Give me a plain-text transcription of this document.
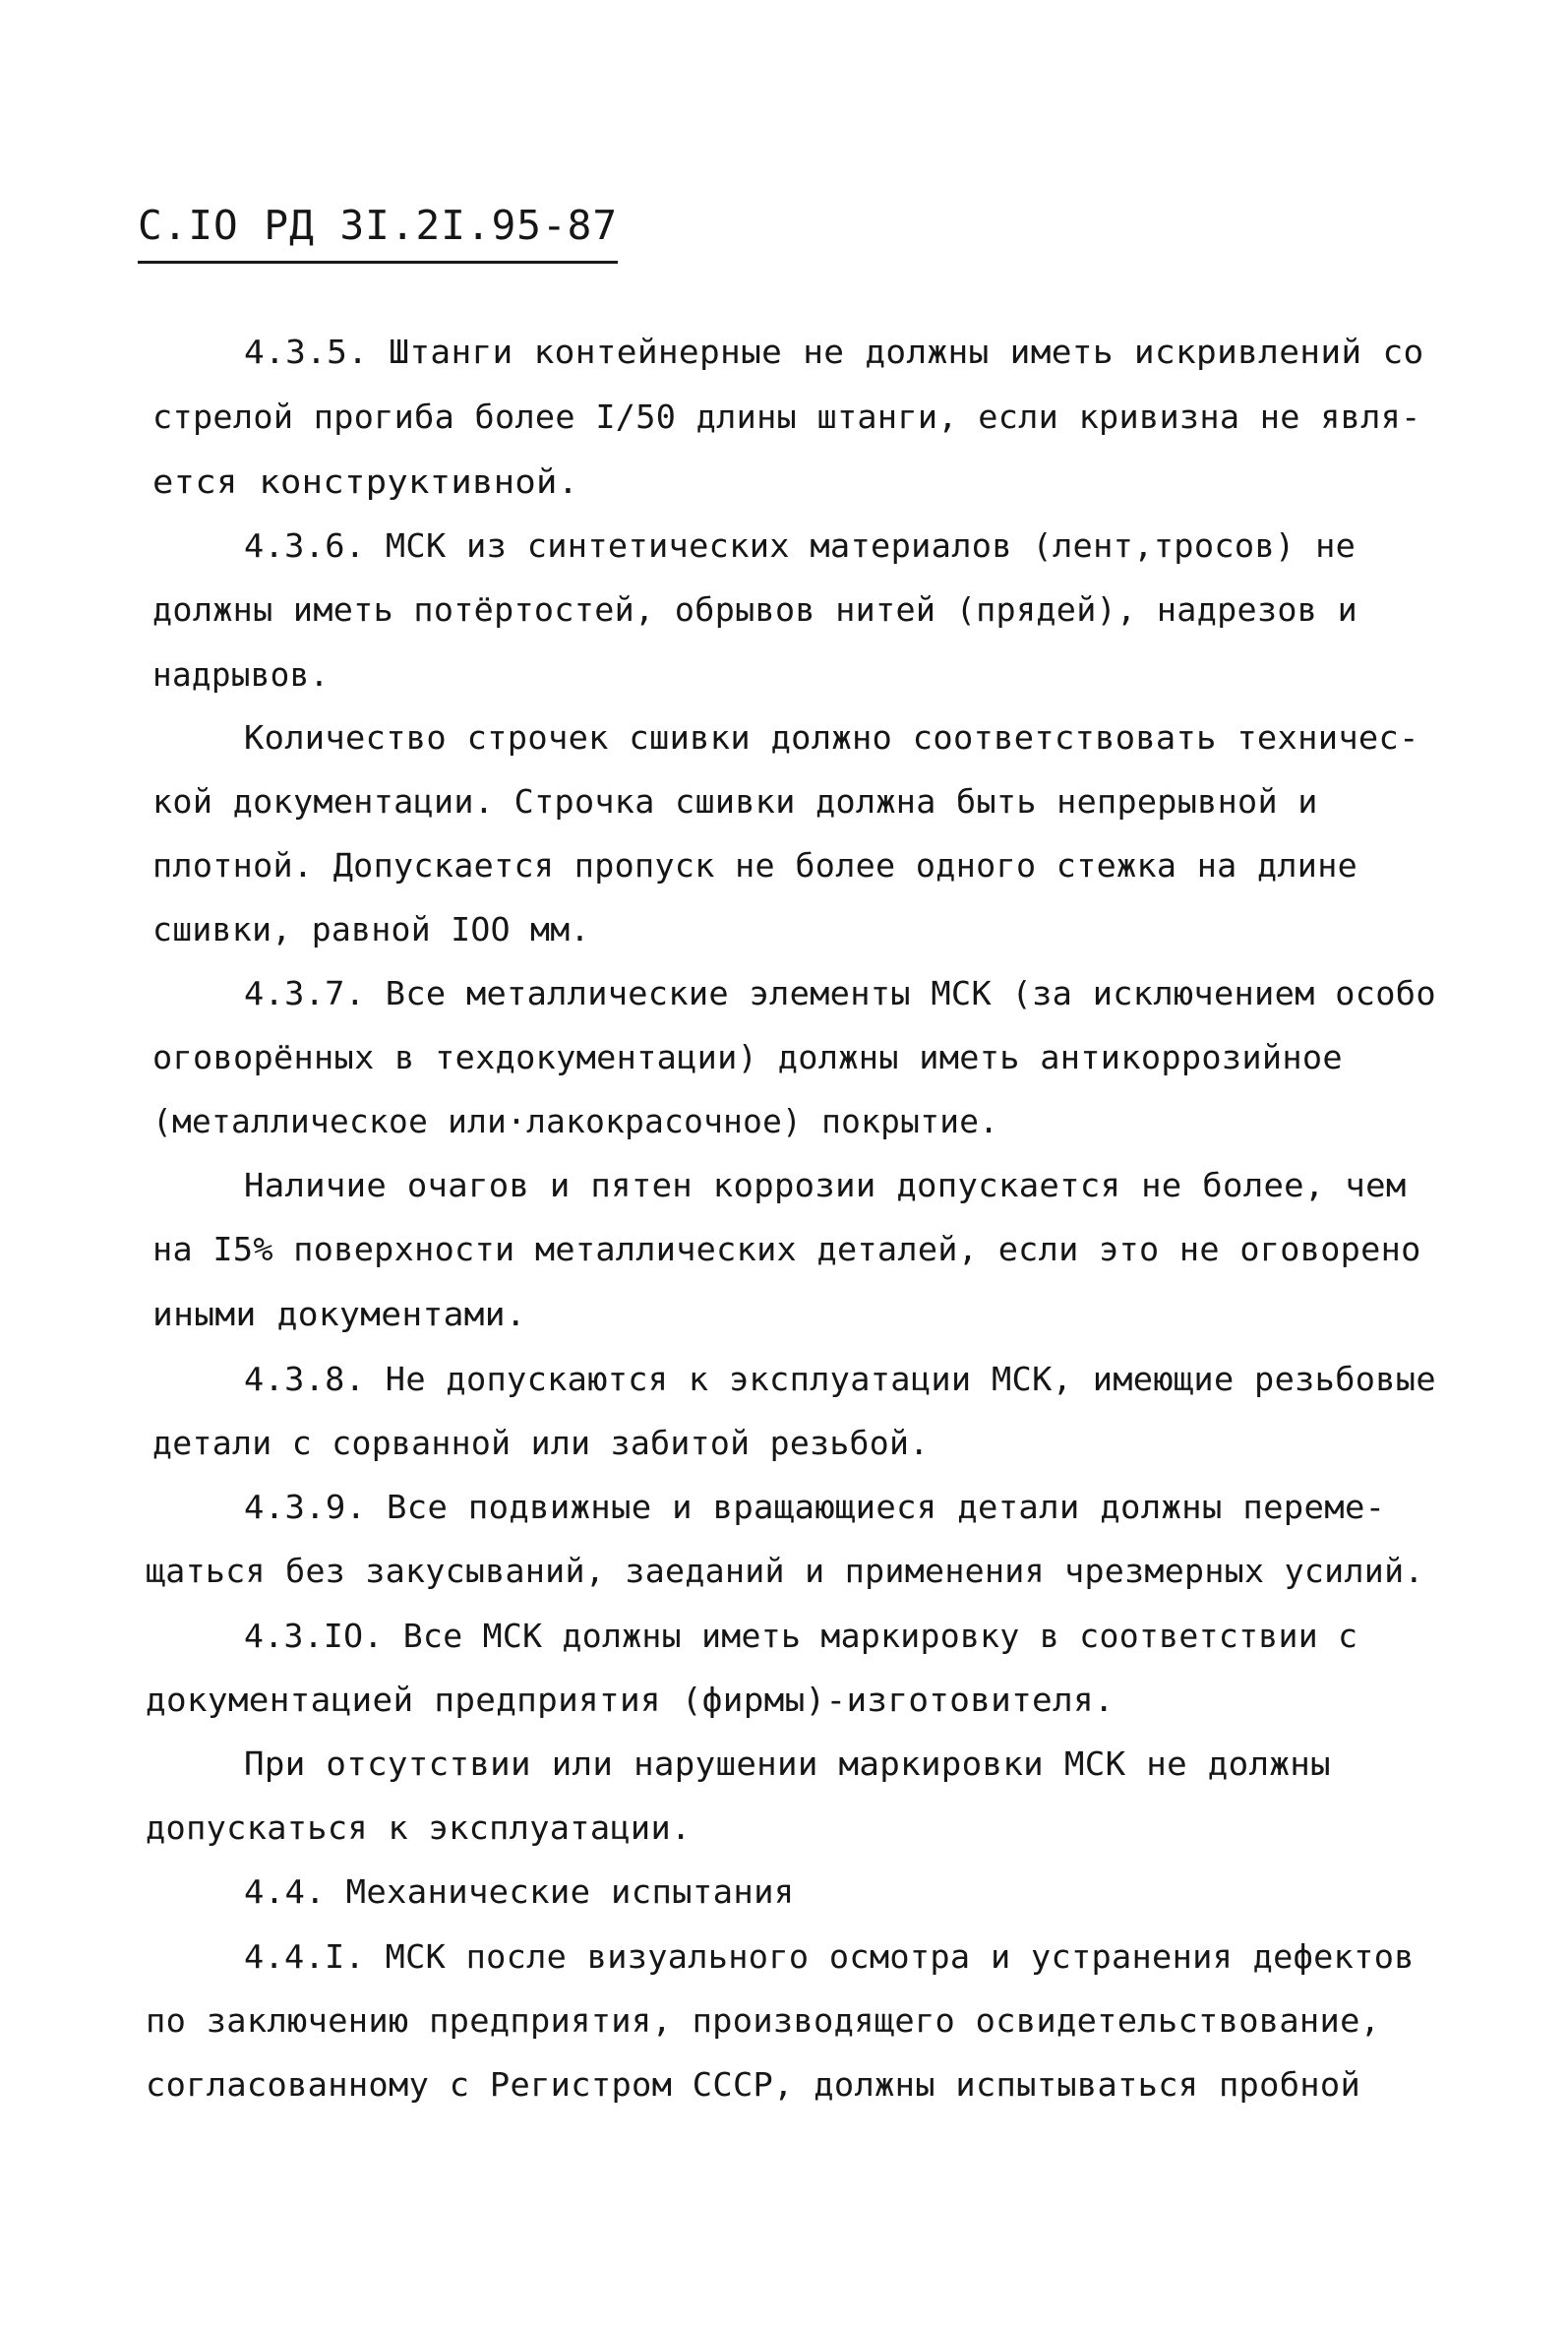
С.IO РД 3I.2I.95-87
4.3.5. Штанги контейнерные не должны иметь искривлений со
стрелой прогиба более I/50 длины штанги, если кривизна не явля-
ется конструктивной.
4.3.6. МСК из синтетических материалов (лент,тросов) не
должны иметь потёртостей, обрывов нитей (прядей), надрезов и
надрывов.
Количество строчек сшивки должно соответствовать техничес-
кой документации. Строчка сшивки должна быть непрерывной и
плотной. Допускается пропуск не более одного стежка на длине
сшивки, равной IOO мм.
4.3.7. Все металлические элементы МСК (за исключением особо
оговорённых в техдокументации) должны иметь антикоррозийное
(металлическое или·лакокрасочное) покрытие.
Наличие очагов и пятен коррозии допускается не более, чем
на I5% поверхности металлических деталей, если это не оговорено
иными документами.
4.3.8. Не допускаются к эксплуатации МСК, имеющие резьбовые
детали с сорванной или забитой резьбой.
4.3.9. Все подвижные и вращающиеся детали должны переме-
щаться без закусываний, заеданий и применения чрезмерных усилий.
4.3.IO. Все МСК должны иметь маркировку в соответствии с
документацией предприятия (фирмы)-изготовителя.
При отсутствии или нарушении маркировки МСК не должны
допускаться к эксплуатации.
4.4. Механические испытания
4.4.I. МСК после визуального осмотра и устранения дефектов
по заключению предприятия, производящего освидетельствование,
согласованному с Регистром СССР, должны испытываться пробной
